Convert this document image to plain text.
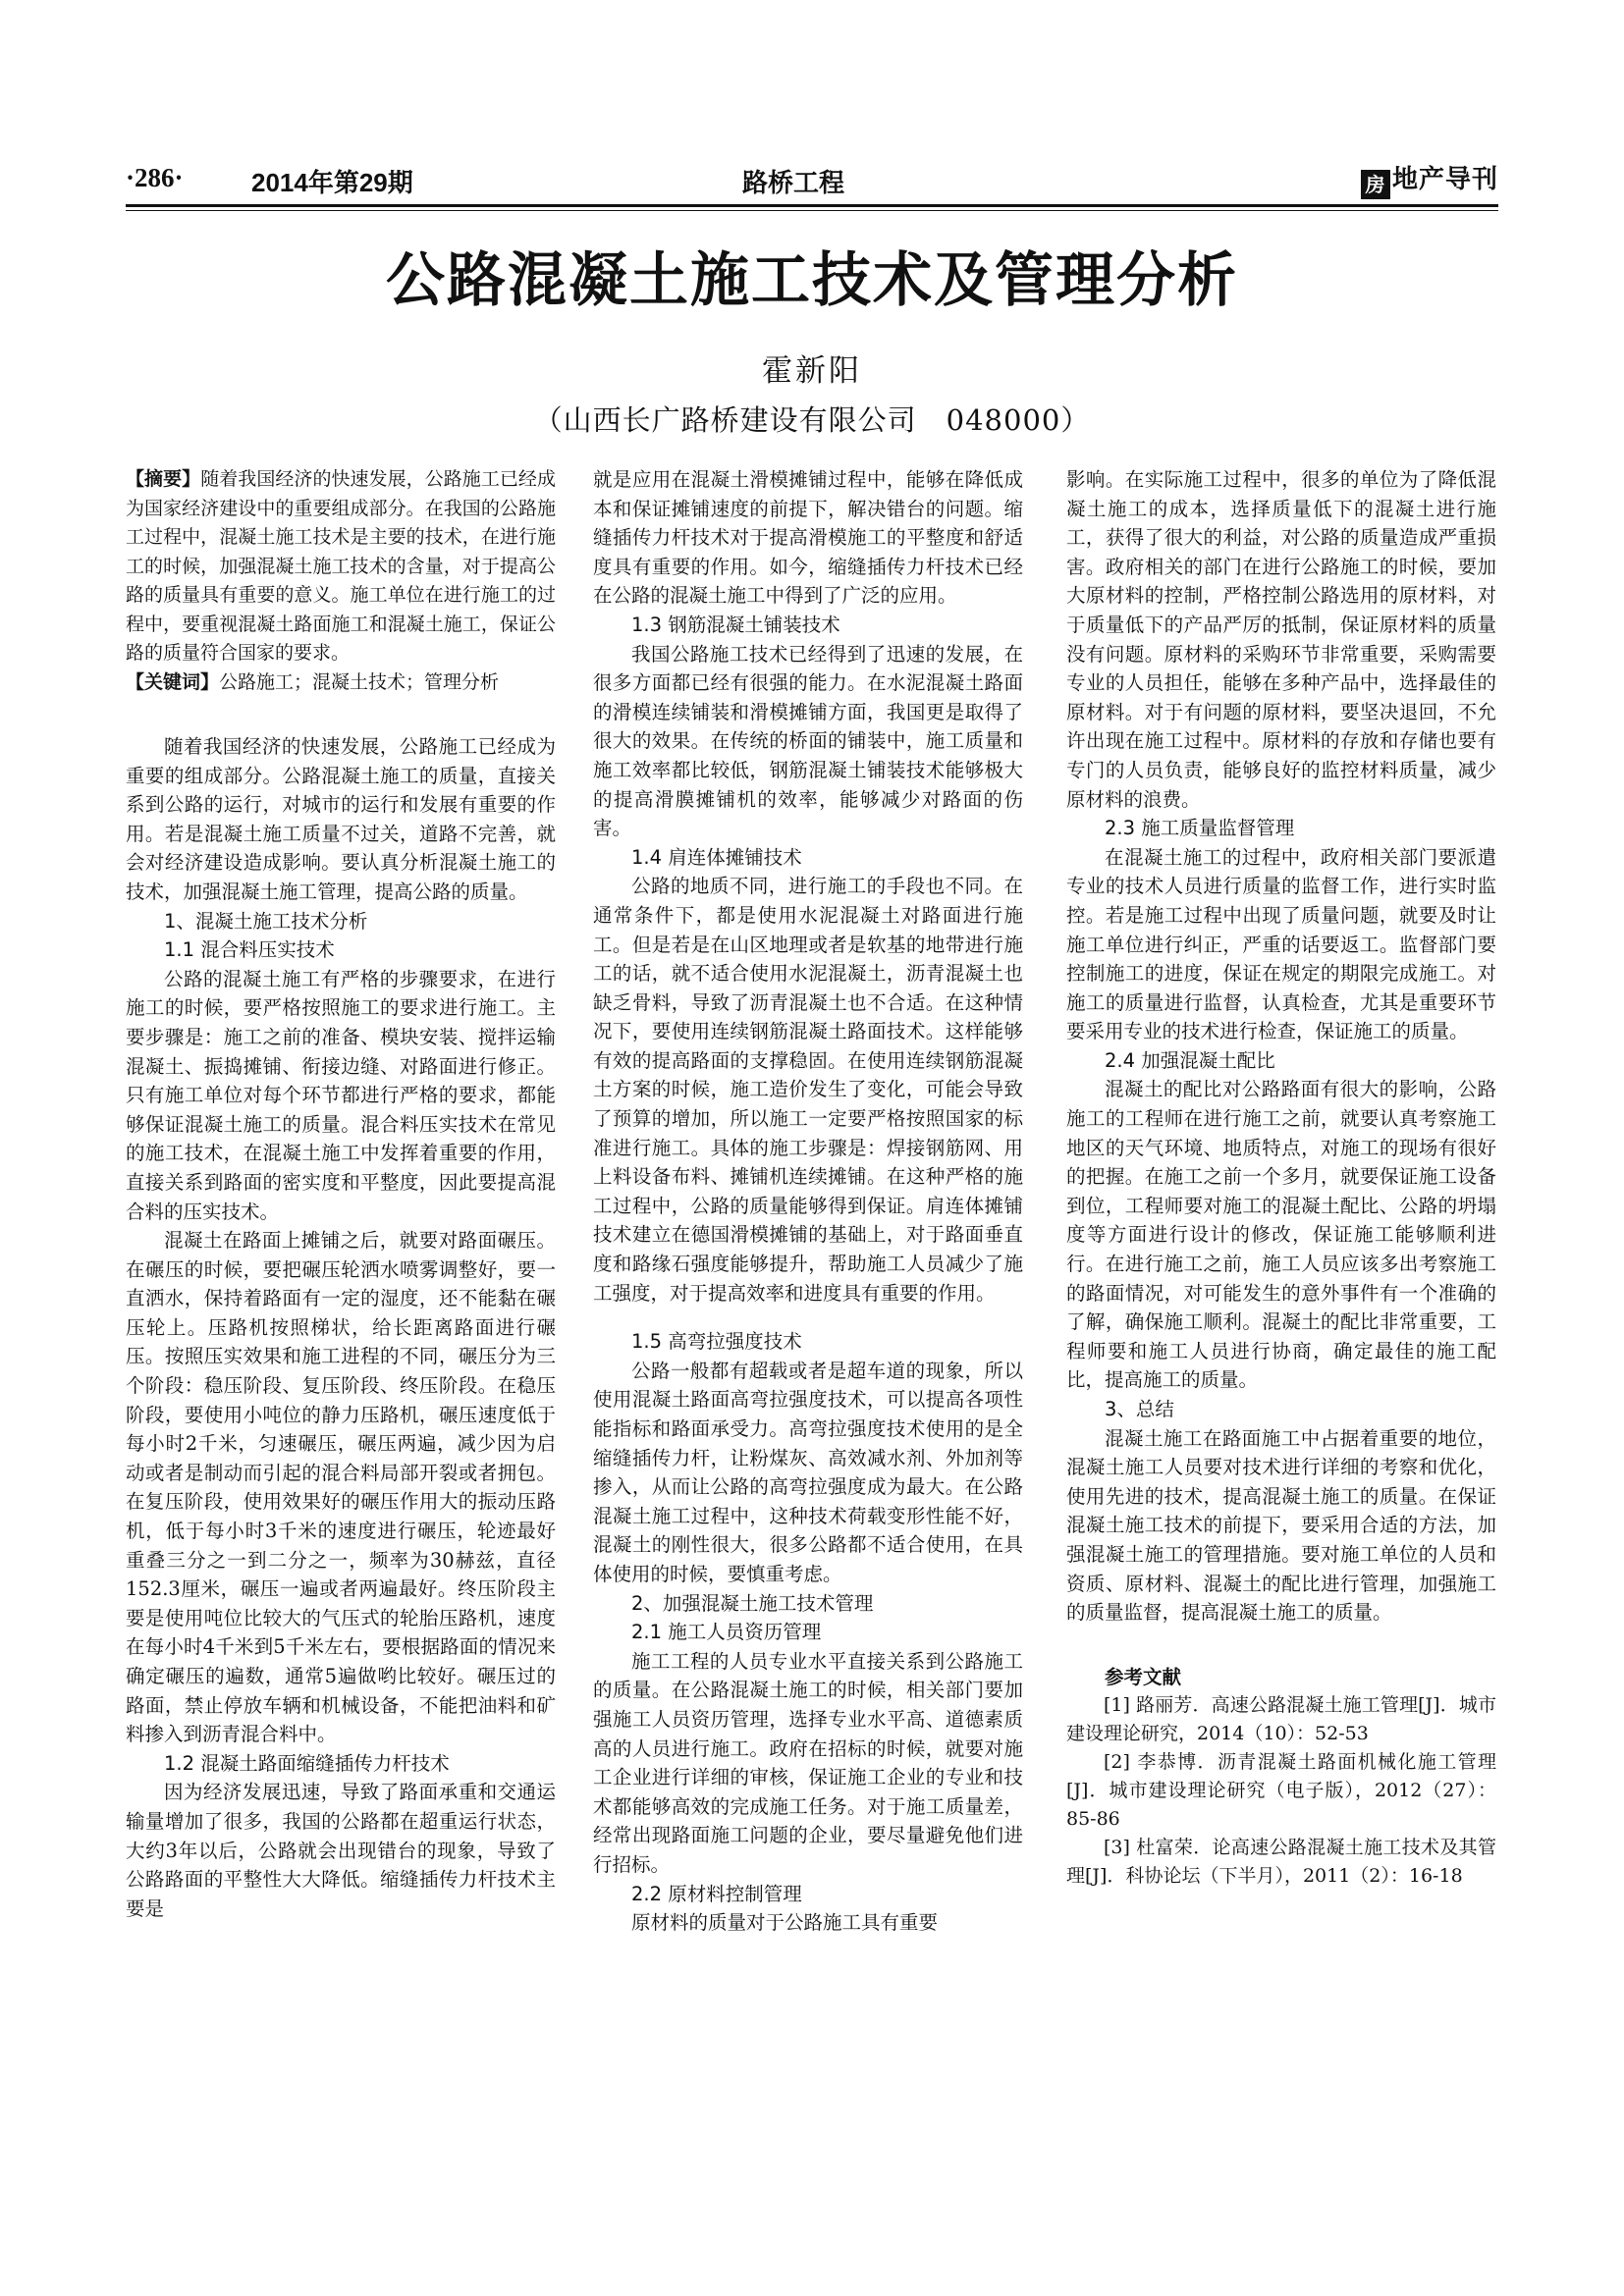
·286·	2014年第29期	路桥工程	房 地产导刊
公路混凝土施工技术及管理分析
霍新阳
（山西长广路桥建设有限公司　048000）

【摘要】随着我国经济的快速发展，公路施工已经成为国家经济建设中的重要组成部分。在我国的公路施工过程中，混凝土施工技术是主要的技术，在进行施工的时候，加强混凝土施工技术的含量，对于提高公路的质量具有重要的意义。施工单位在进行施工的过程中，要重视混凝土路面施工和混凝土施工，保证公路的质量符合国家的要求。

【关键词】公路施工；混凝土技术；管理分析

随着我国经济的快速发展，公路施工已经成为重要的组成部分。公路混凝土施工的质量，直接关系到公路的运行，对城市的运行和发展有重要的作用。若是混凝土施工质量不过关，道路不完善，就会对经济建设造成影响。要认真分析混凝土施工的技术，加强混凝土施工管理，提高公路的质量。

1、混凝土施工技术分析

1.1 混合料压实技术

公路的混凝土施工有严格的步骤要求，在进行施工的时候，要严格按照施工的要求进行施工。主要步骤是：施工之前的准备、模块安装、搅拌运输混凝土、振捣摊铺、衔接边缝、对路面进行修正。只有施工单位对每个环节都进行严格的要求，都能够保证混凝土施工的质量。混合料压实技术在常见的施工技术，在混凝土施工中发挥着重要的作用，直接关系到路面的密实度和平整度，因此要提高混合料的压实技术。

混凝土在路面上摊铺之后，就要对路面碾压。在碾压的时候，要把碾压轮洒水喷雾调整好，要一直洒水，保持着路面有一定的湿度，还不能黏在碾压轮上。压路机按照梯状，给长距离路面进行碾压。按照压实效果和施工进程的不同，碾压分为三个阶段：稳压阶段、复压阶段、终压阶段。在稳压阶段，要使用小吨位的静力压路机，碾压速度低于每小时2千米，匀速碾压，碾压两遍，减少因为启动或者是制动而引起的混合料局部开裂或者拥包。在复压阶段，使用效果好的碾压作用大的振动压路机，低于每小时3千米的速度进行碾压，轮迹最好重叠三分之一到二分之一，频率为30赫兹，直径152.3厘米，碾压一遍或者两遍最好。终压阶段主要是使用吨位比较大的气压式的轮胎压路机，速度在每小时4千米到5千米左右，要根据路面的情况来确定碾压的遍数，通常5遍做哟比较好。碾压过的路面，禁止停放车辆和机械设备，不能把油料和矿料掺入到沥青混合料中。

1.2 混凝土路面缩缝插传力杆技术

因为经济发展迅速，导致了路面承重和交通运输量增加了很多，我国的公路都在超重运行状态，大约3年以后，公路就会出现错台的现象，导致了公路路面的平整性大大降低。缩缝插传力杆技术主要是

就是应用在混凝土滑模摊铺过程中，能够在降低成本和保证摊铺速度的前提下，解决错台的问题。缩缝插传力杆技术对于提高滑模施工的平整度和舒适度具有重要的作用。如今，缩缝插传力杆技术已经在公路的混凝土施工中得到了广泛的应用。

1.3 钢筋混凝土铺装技术

我国公路施工技术已经得到了迅速的发展，在很多方面都已经有很强的能力。在水泥混凝土路面的滑模连续铺装和滑模摊铺方面，我国更是取得了很大的效果。在传统的桥面的铺装中，施工质量和施工效率都比较低，钢筋混凝土铺装技术能够极大的提高滑膜摊铺机的效率，能够减少对路面的伤害。

1.4 肩连体摊铺技术

公路的地质不同，进行施工的手段也不同。在通常条件下，都是使用水泥混凝土对路面进行施工。但是若是在山区地理或者是软基的地带进行施工的话，就不适合使用水泥混凝土，沥青混凝土也缺乏骨料，导致了沥青混凝土也不合适。在这种情况下，要使用连续钢筋混凝土路面技术。这样能够有效的提高路面的支撑稳固。在使用连续钢筋混凝土方案的时候，施工造价发生了变化，可能会导致了预算的增加，所以施工一定要严格按照国家的标准进行施工。具体的施工步骤是：焊接钢筋网、用上料设备布料、摊铺机连续摊铺。在这种严格的施工过程中，公路的质量能够得到保证。肩连体摊铺技术建立在德国滑模摊铺的基础上，对于路面垂直度和路缘石强度能够提升，帮助施工人员减少了施工强度，对于提高效率和进度具有重要的作用。

1.5 高弯拉强度技术

公路一般都有超载或者是超车道的现象，所以使用混凝土路面高弯拉强度技术，可以提高各项性能指标和路面承受力。高弯拉强度技术使用的是全缩缝插传力杆，让粉煤灰、高效减水剂、外加剂等掺入，从而让公路的高弯拉强度成为最大。在公路混凝土施工过程中，这种技术荷载变形性能不好，混凝土的刚性很大，很多公路都不适合使用，在具体使用的时候，要慎重考虑。

2、加强混凝土施工技术管理

2.1 施工人员资历管理

施工工程的人员专业水平直接关系到公路施工的质量。在公路混凝土施工的时候，相关部门要加强施工人员资历管理，选择专业水平高、道德素质高的人员进行施工。政府在招标的时候，就要对施工企业进行详细的审核，保证施工企业的专业和技术都能够高效的完成施工任务。对于施工质量差，经常出现路面施工问题的企业，要尽量避免他们进行招标。

2.2 原材料控制管理

原材料的质量对于公路施工具有重要

影响。在实际施工过程中，很多的单位为了降低混凝土施工的成本，选择质量低下的混凝土进行施工，获得了很大的利益，对公路的质量造成严重损害。政府相关的部门在进行公路施工的时候，要加大原材料的控制，严格控制公路选用的原材料，对于质量低下的产品严厉的抵制，保证原材料的质量没有问题。原材料的采购环节非常重要，采购需要专业的人员担任，能够在多种产品中，选择最佳的原材料。对于有问题的原材料，要坚决退回，不允许出现在施工过程中。原材料的存放和存储也要有专门的人员负责，能够良好的监控材料质量，减少原材料的浪费。

2.3 施工质量监督管理

在混凝土施工的过程中，政府相关部门要派遣专业的技术人员进行质量的监督工作，进行实时监控。若是施工过程中出现了质量问题，就要及时让施工单位进行纠正，严重的话要返工。监督部门要控制施工的进度，保证在规定的期限完成施工。对施工的质量进行监督，认真检查，尤其是重要环节要采用专业的技术进行检查，保证施工的质量。

2.4 加强混凝土配比

混凝土的配比对公路路面有很大的影响，公路施工的工程师在进行施工之前，就要认真考察施工地区的天气环境、地质特点，对施工的现场有很好的把握。在施工之前一个多月，就要保证施工设备到位，工程师要对施工的混凝土配比、公路的坍塌度等方面进行设计的修改，保证施工能够顺利进行。在进行施工之前，施工人员应该多出考察施工的路面情况，对可能发生的意外事件有一个准确的了解，确保施工顺利。混凝土的配比非常重要，工程师要和施工人员进行协商，确定最佳的施工配比，提高施工的质量。

3、总结

混凝土施工在路面施工中占据着重要的地位，混凝土施工人员要对技术进行详细的考察和优化，使用先进的技术，提高混凝土施工的质量。在保证混凝土施工技术的前提下，要采用合适的方法，加强混凝土施工的管理措施。要对施工单位的人员和资质、原材料、混凝土的配比进行管理，加强施工的质量监督，提高混凝土施工的质量。

参考文献

[1] 路丽芳．高速公路混凝土施工管理[J]．城市建设理论研究，2014（10）：52-53

[2] 李恭博．沥青混凝土路面机械化施工管理[J]．城市建设理论研究（电子版），2012（27）：85-86

[3] 杜富荣．论高速公路混凝土施工技术及其管理[J]．科协论坛（下半月），2011（2）：16-18
